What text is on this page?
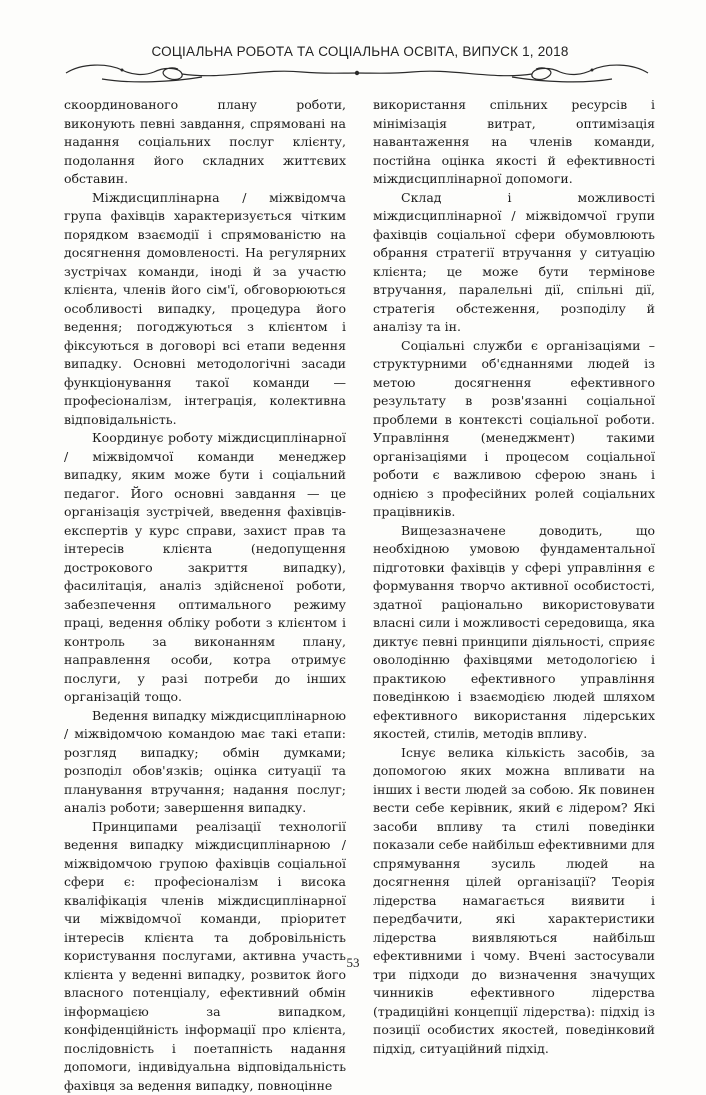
СОЦІАЛЬНА РОБОТА ТА СОЦІАЛЬНА ОСВІТА, ВИПУСК 1, 2018

скоординованого плану роботи, виконують певні завдання, спрямовані на надання соціальних послуг клієнту, подолання його складних життєвих обставин.

Міждисциплінарна / міжвідомча група фахівців характеризується чітким порядком взаємодії і спрямованістю на досягнення домовленості. На регулярних зустрічах команди, іноді й за участю клієнта, членів його сім'ї, обговорюються особливості випадку, процедура його ведення; погоджуються з клієнтом і фіксуються в договорі всі етапи ведення випадку. Основні методологічні засади функціонування такої команди — професіоналізм, інтеграція, колективна відповідальність.

Координує роботу міждисциплінарної / міжвідомчої команди менеджер випадку, яким може бути і соціальний педагог. Його основні завдання — це організація зустрічей, введення фахівців-експертів у курс справи, захист прав та інтересів клієнта (недопущення дострокового закриття випадку), фасилітація, аналіз здійсненої роботи, забезпечення оптимального режиму праці, ведення обліку роботи з клієнтом і контроль за виконанням плану, направлення особи, котра отримує послуги, у разі потреби до інших організацій тощо.

Ведення випадку міждисциплінарною / міжвідомчою командою має такі етапи: розгляд випадку; обмін думками; розподіл обов'язків; оцінка ситуації та планування втручання; надання послуг; аналіз роботи; завершення випадку.

Принципами реалізації технології ведення випадку міждисциплінарною / міжвідомчою групою фахівців соціальної сфери є: професіоналізм і висока кваліфікація членів міждисциплінарної чи міжвідомчої команди, пріоритет інтересів клієнта та добровільність користування послугами, активна участь клієнта у веденні випадку, розвиток його власного потенціалу, ефективний обмін інформацією за випадком, конфіденційність інформації про клієнта, послідовність і поетапність надання допомоги, індивідуальна відповідальність фахівця за ведення випадку, повноцінне

використання спільних ресурсів і мінімізація витрат, оптимізація навантаження на членів команди, постійна оцінка якості й ефективності міждисциплінарної допомоги.

Склад і можливості міждисциплінарної / міжвідомчої групи фахівців соціальної сфери обумовлюють обрання стратегії втручання у ситуацію клієнта; це може бути термінове втручання, паралельні дії, спільні дії, стратегія обстеження, розподілу й аналізу та ін.

Соціальні служби є організаціями – структурними об'єднаннями людей із метою досягнення ефективного результату в розв'язанні соціальної проблеми в контексті соціальної роботи. Управління (менеджмент) такими організаціями і процесом соціальної роботи є важливою сферою знань і однією з професійних ролей соціальних працівників.

Вищезазначене доводить, що необхідною умовою фундаментальної підготовки фахівців у сфері управління є формування творчо активної особистості, здатної раціонально використовувати власні сили і можливості середовища, яка диктує певні принципи діяльності, сприяє оволодінню фахівцями методологією і практикою ефективного управління поведінкою і взаємодією людей шляхом ефективного використання лідерських якостей, стилів, методів впливу.

Існує велика кількість засобів, за допомогою яких можна впливати на інших і вести людей за собою. Як повинен вести себе керівник, який є лідером? Які засоби впливу та стилі поведінки показали себе найбільш ефективними для спрямування зусиль людей на досягнення цілей організації? Теорія лідерства намагається виявити і передбачити, які характеристики лідерства виявляються найбільш ефективними і чому. Вчені застосували три підходи до визначення значущих чинників ефективного лідерства (традиційні концепції лідерства): підхід із позиції особистих якостей, поведінковий підхід, ситуаційний підхід.

53
